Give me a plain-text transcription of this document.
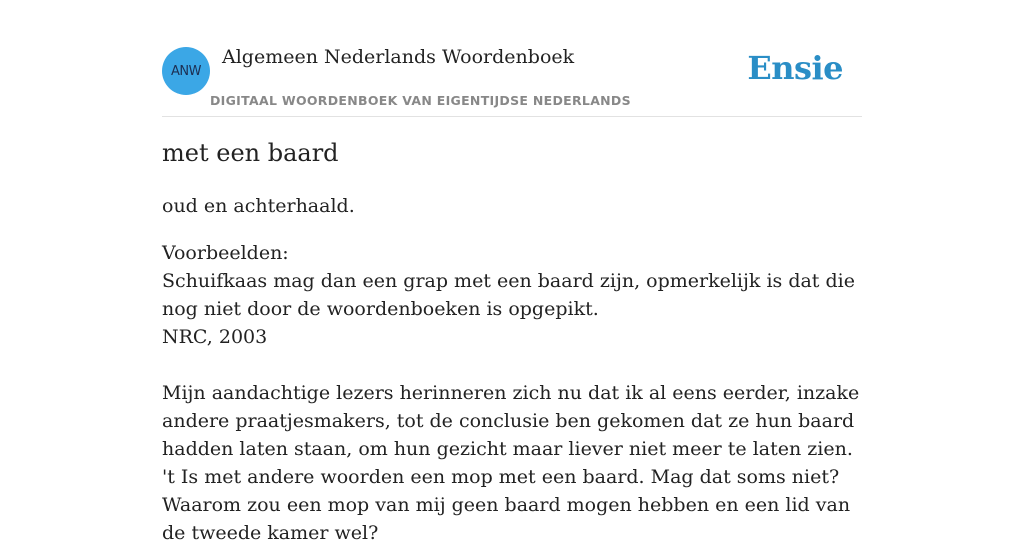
ANW
Algemeen Nederlands Woordenboek
DIGITAAL WOORDENBOEK VAN EIGENTIJDSE NEDERLANDS
Ensie
met een baard

oud en achterhaald.

Voorbeelden:
Schuifkaas mag dan een grap met een baard zijn, opmerkelijk is dat die nog niet door de woordenboeken is opgepikt.
NRC, 2003
Mijn aandachtige lezers herinneren zich nu dat ik al eens eerder, inzake andere praatjesmakers, tot de conclusie ben gekomen dat ze hun baard hadden laten staan, om hun gezicht maar liever niet meer te laten zien. 't Is met andere woorden een mop met een baard. Mag dat soms niet? Waarom zou een mop van mij geen baard mogen hebben en een lid van de tweede kamer wel?
